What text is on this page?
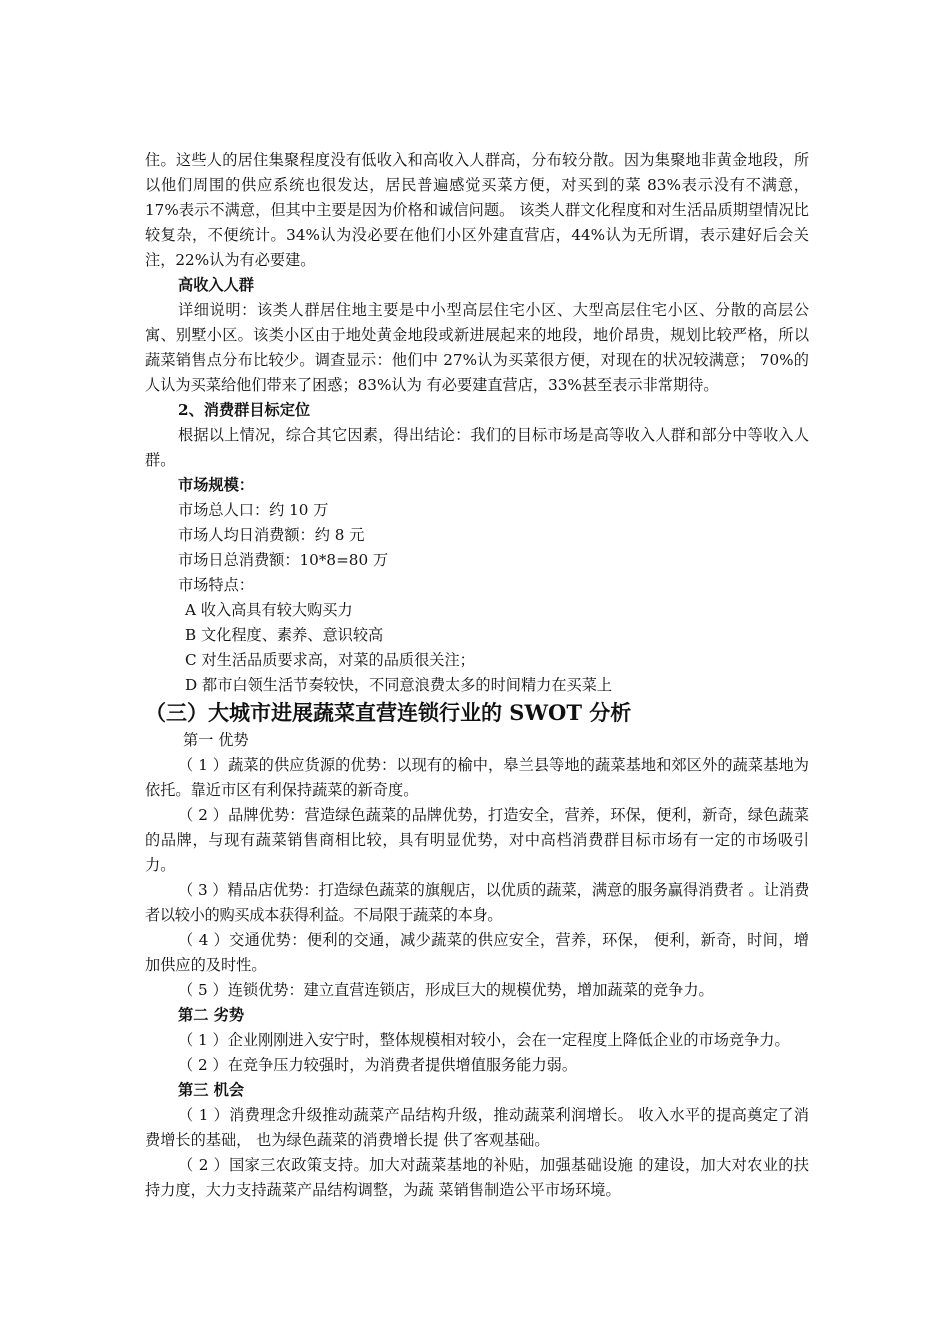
住。这些人的居住集聚程度没有低收入和高收入人群高，分布较分散。因为集聚地非黄金地段，所以他们周围的供应系统也很发达，居民普遍感觉买菜方便，对买到的菜 83%表示没有不满意，17%表示不满意，但其中主要是因为价格和诚信问题。 该类人群文化程度和对生活品质期望情况比较复杂，不便统计。34%认为没必要在他们小区外建直营店，44%认为无所谓，表示建好后会关注，22%认为有必要建。

高收入人群

详细说明：该类人群居住地主要是中小型高层住宅小区、大型高层住宅小区、分散的高层公寓、别墅小区。该类小区由于地处黄金地段或新进展起来的地段，地价昂贵，规划比较严格，所以蔬菜销售点分布比较少。调查显示：他们中 27%认为买菜很方便，对现在的状况较满意； 70%的人认为买菜给他们带来了困惑；83%认为 有必要建直营店，33%甚至表示非常期待。

2、消费群目标定位

根据以上情况，综合其它因素，得出结论：我们的目标市场是高等收入人群和部分中等收入人群。

市场规模：

市场总人口：约 10 万

市场人均日消费额：约 8 元

市场日总消费额：10*8=80 万

市场特点：

A 收入高具有较大购买力

B 文化程度、素养、意识较高

C 对生活品质要求高，对菜的品质很关注；

D 都市白领生活节奏较快，不同意浪费太多的时间精力在买菜上

（三）大城市进展蔬菜直营连锁行业的 SWOT 分析

第一 优势

（ 1 ）蔬菜的供应货源的优势：以现有的榆中，皋兰县等地的蔬菜基地和郊区外的蔬菜基地为依托。靠近市区有利保持蔬菜的新奇度。

（ 2 ）品牌优势：营造绿色蔬菜的品牌优势，打造安全，营养，环保，便利，新奇，绿色蔬菜的品牌，与现有蔬菜销售商相比较，具有明显优势，对中高档消费群目标市场有一定的市场吸引力。

（ 3 ）精品店优势：打造绿色蔬菜的旗舰店，以优质的蔬菜，满意的服务赢得消费者 。让消费者以较小的购买成本获得利益。不局限于蔬菜的本身。

（ 4 ）交通优势：便利的交通，减少蔬菜的供应安全，营养，环保， 便利，新奇，时间，增加供应的及时性。

（ 5 ）连锁优势：建立直营连锁店，形成巨大的规模优势，增加蔬菜的竞争力。

第二 劣势

（ 1 ）企业刚刚进入安宁时，整体规模相对较小，会在一定程度上降低企业的市场竞争力。

（ 2 ）在竞争压力较强时，为消费者提供增值服务能力弱。

第三 机会

（ 1 ）消费理念升级推动蔬菜产品结构升级，推动蔬菜利润增长。 收入水平的提高奠定了消费增长的基础， 也为绿色蔬菜的消费增长提 供了客观基础。

（ 2 ）国家三农政策支持。加大对蔬菜基地的补贴，加强基础设施 的建设，加大对农业的扶持力度，大力支持蔬菜产品结构调整，为蔬 菜销售制造公平市场环境。
